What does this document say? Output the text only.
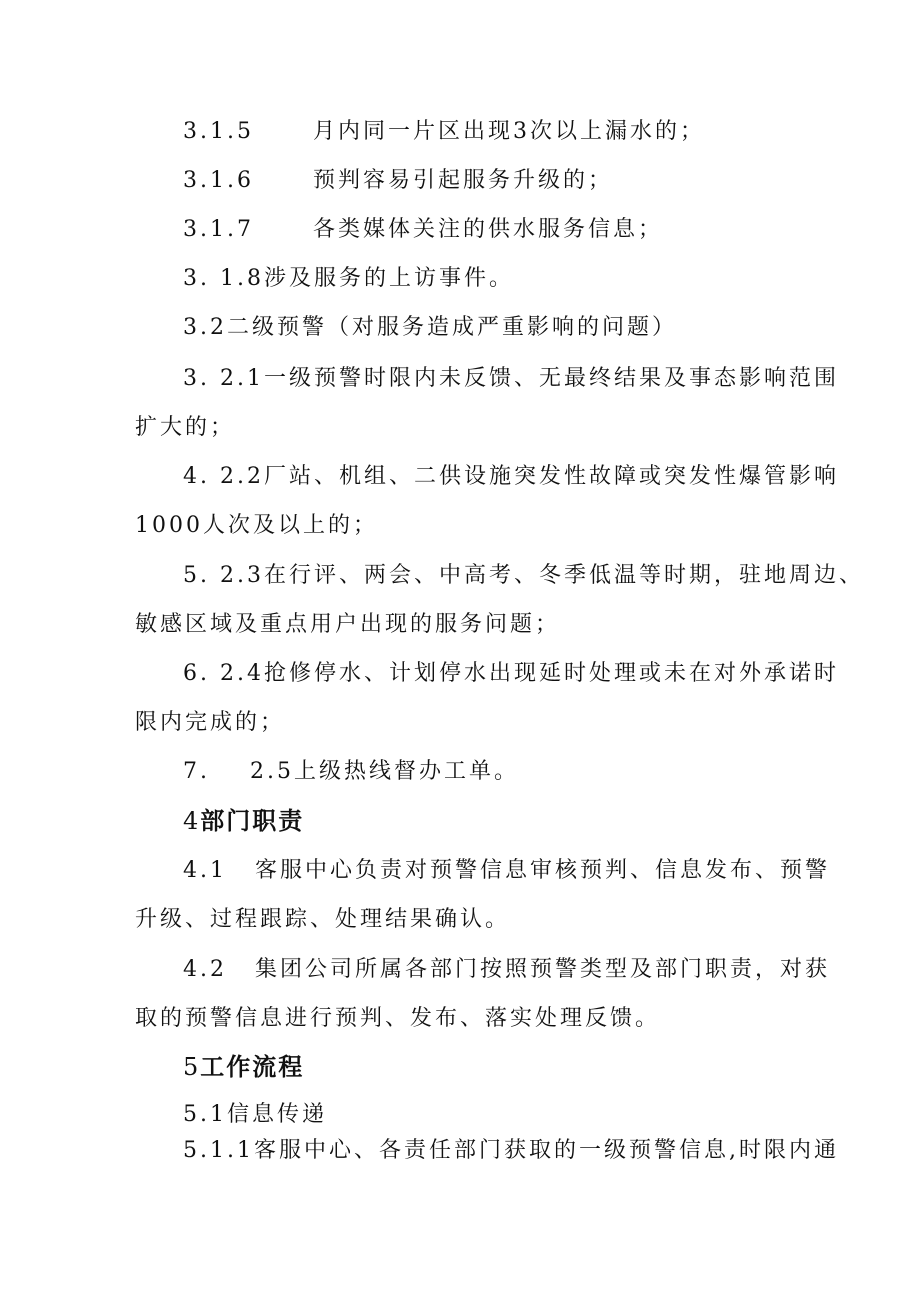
3.1.5	月内同一片区出现3次以上漏水的；
3.1.6	预判容易引起服务升级的；
3.1.7	各类媒体关注的供水服务信息；
3. 1.8涉及服务的上访事件。
3.2二级预警（对服务造成严重影响的问题）
3. 2.1一级预警时限内未反馈、无最终结果及事态影响范围
扩大的；
4. 2.2厂站、机组、二供设施突发性故障或突发性爆管影响
1000人次及以上的；
5. 2.3在行评、两会、中高考、冬季低温等时期，驻地周边、
敏感区域及重点用户出现的服务问题；
6. 2.4抢修停水、计划停水出现延时处理或未在对外承诺时
限内完成的；
7. 2.5上级热线督办工单。
4部门职责
4.1 客服中心负责对预警信息审核预判、信息发布、预警
升级、过程跟踪、处理结果确认。
4.2 集团公司所属各部门按照预警类型及部门职责，对获
取的预警信息进行预判、发布、落实处理反馈。
5工作流程
5.1信息传递
5.1.1客服中心、各责任部门获取的一级预警信息,时限内通
